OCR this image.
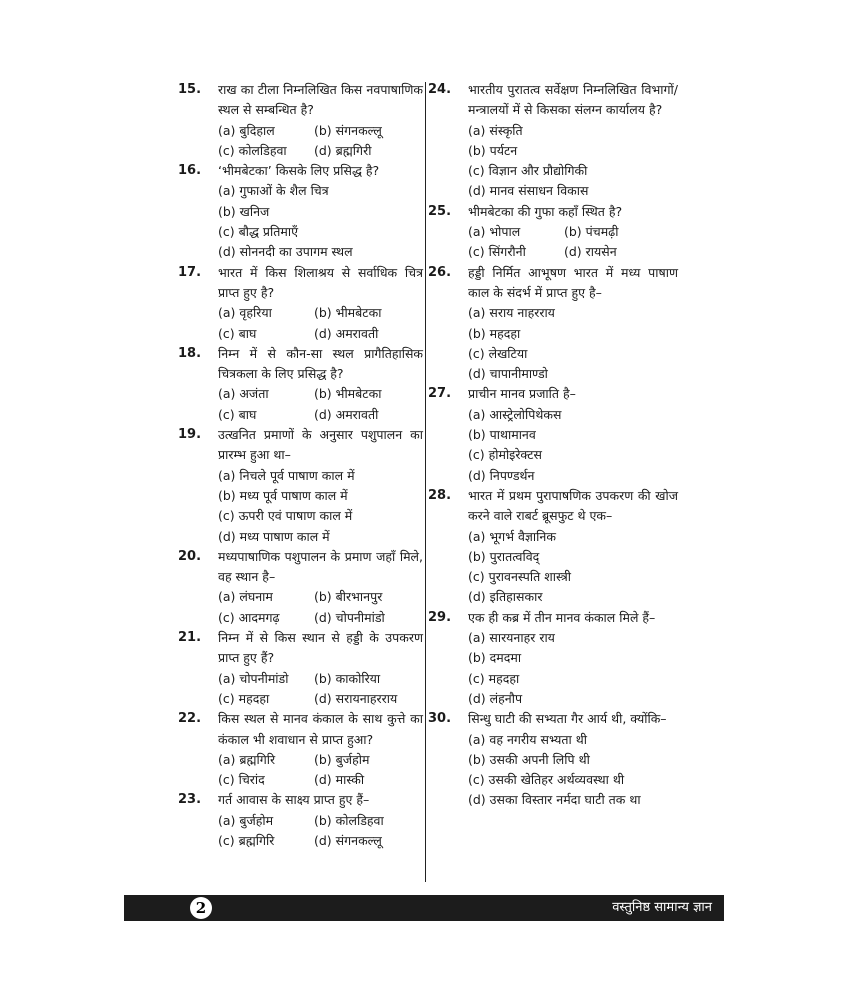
15.	राख का टीला निम्नलिखित किस नवपाषाणिक स्थल से सम्बन्धित है?
(a) बुदिहाल	(b) संगनकल्लू
(c) कोलडिहवा	(d) ब्रह्मगिरी
16.	‘भीमबेटका’ किसके लिए प्रसिद्ध है?
(a) गुफाओं के शैल चित्र
(b) खनिज
(c) बौद्ध प्रतिमाएँ
(d) सोननदी का उपागम स्थल
17.	भारत में किस शिलाश्रय से सर्वाधिक चित्र प्राप्त हुए है?
(a) वृहरिया	(b) भीमबेटका
(c) बाघ	(d) अमरावती
18.	निम्न में से कौन-सा स्थल प्रागैतिहासिक चित्रकला के लिए प्रसिद्ध है?
(a) अजंता	(b) भीमबेटका
(c) बाघ	(d) अमरावती
19.	उत्खनित प्रमाणों के अनुसार पशुपालन का प्रारम्भ हुआ था–
(a) निचले पूर्व पाषाण काल में
(b) मध्य पूर्व पाषाण काल में
(c) ऊपरी एवं पाषाण काल में
(d) मध्य पाषाण काल में
20.	मध्यपाषाणिक पशुपालन के प्रमाण जहाँ मिले, वह स्थान है–
(a) लंघनाम	(b) बीरभानपुर
(c) आदमगढ़	(d) चोपनीमांडो
21.	निम्न में से किस स्थान से हड्डी के उपकरण प्राप्त हुए हैं?
(a) चोपनीमांडो	(b) काकोरिया
(c) महदहा	(d) सरायनाहरराय
22.	किस स्थल से मानव कंकाल के साथ कुत्ते का कंकाल भी शवाधान से प्राप्त हुआ?
(a) ब्रह्मगिरि	(b) बुर्जहोम
(c) चिरांद	(d) मास्की
23.	गर्त आवास के साक्ष्य प्राप्त हुए हैं–
(a) बुर्जहोम	(b) कोलडिहवा
(c) ब्रह्मगिरि	(d) संगनकल्लू
24.	भारतीय पुरातत्व सर्वेक्षण निम्नलिखित विभागों/मन्त्रालयों में से किसका संलग्न कार्यालय है?
(a) संस्कृति
(b) पर्यटन
(c) विज्ञान और प्रौद्योगिकी
(d) मानव संसाधन विकास
25.	भीमबेटका की गुफा कहाँ स्थित है?
(a) भोपाल	(b) पंचमढ़ी
(c) सिंगरौनी	(d) रायसेन
26.	हड्डी निर्मित आभूषण भारत में मध्य पाषाण काल के संदर्भ में प्राप्त हुए है–
(a) सराय नाहरराय
(b) महदहा
(c) लेखटिया
(d) चापानीमाण्डो
27.	प्राचीन मानव प्रजाति है–
(a) आस्ट्रेलोपिथेकस
(b) पाथामानव
(c) होमोइरेक्टस
(d) निपण्डर्थन
28.	भारत में प्रथम पुरापाषणिक उपकरण की खोज करने वाले राबर्ट ब्रूसफुट थे एक–
(a) भूगर्भ वैज्ञानिक
(b) पुरातत्वविद्
(c) पुरावनस्पति शास्त्री
(d) इतिहासकार
29.	एक ही कब्र में तीन मानव कंकाल मिले हैं–
(a) सारयनाहर राय
(b) दमदमा
(c) महदहा
(d) लंहनौप
30.	सिन्धु घाटी की सभ्यता गैर आर्य थी, क्योंकि–
(a) वह नगरीय सभ्यता थी
(b) उसकी अपनी लिपि थी
(c) उसकी खेतिहर अर्थव्यवस्था थी
(d) उसका विस्तार नर्मदा घाटी तक था
2	वस्तुनिष्ठ सामान्य ज्ञान
